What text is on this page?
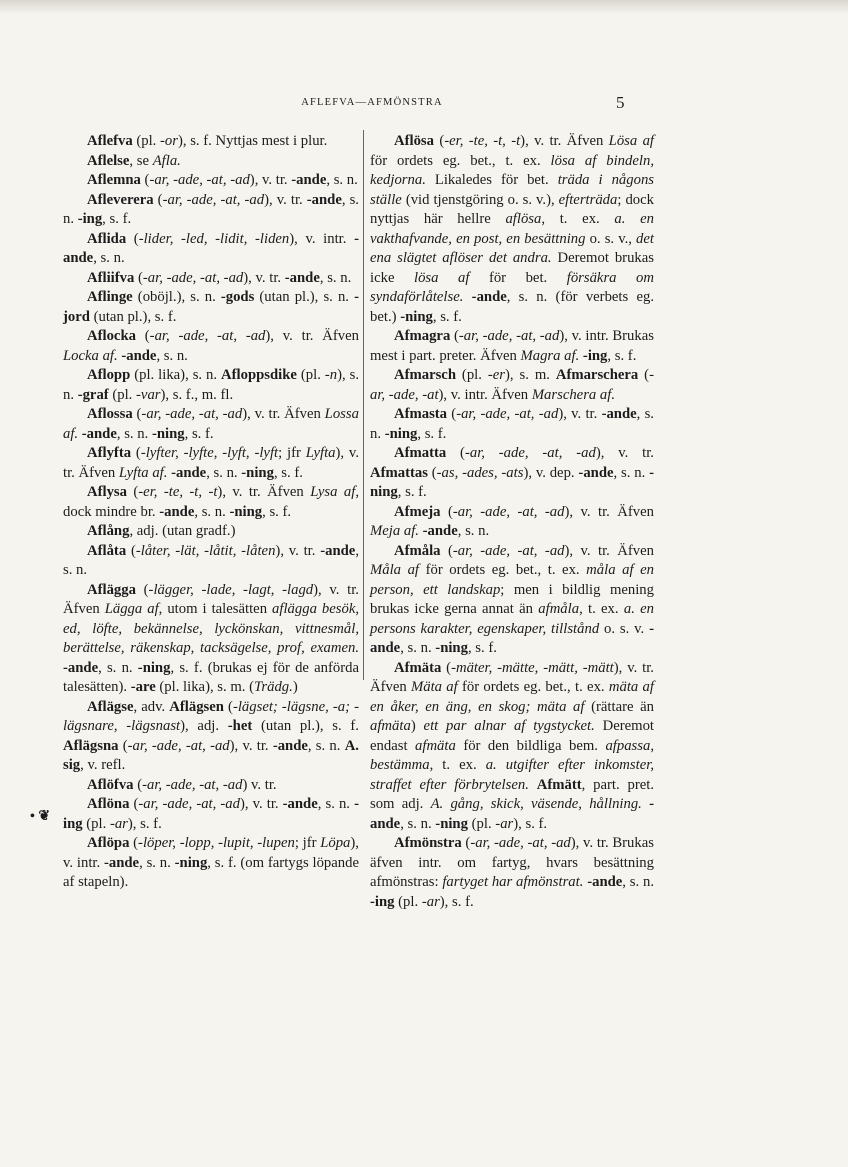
AFLEFVA—AFMÖNSTRA	5
• ❦
Aflefva (pl. -or), s. f. Nyttjas mest i plur.
Aflelse, se Afla.
Aflemna (-ar, -ade, -at, -ad), v. tr. -ande, s. n.
Afleverera (-ar, -ade, -at, -ad), v. tr. -ande, s. n. -ing, s. f.
Aflida (-lider, -led, -lidit, -liden), v. intr. -ande, s. n.
Afliifva (-ar, -ade, -at, -ad), v. tr. -ande, s. n.
Aflinge (oböjl.), s. n. -gods (utan pl.), s. n. -jord (utan pl.), s. f.
Aflocka (-ar, -ade, -at, -ad), v. tr. Äfven Locka af. -ande, s. n.
Aflopp (pl. lika), s. n. Afloppsdike (pl. -n), s. n. -graf (pl. -var), s. f., m. fl.
Aflossa (-ar, -ade, -at, -ad), v. tr. Äfven Lossa af. -ande, s. n. -ning, s. f.
Aflyfta (-lyfter, -lyfte, -lyft, -lyft; jfr Lyfta), v. tr. Äfven Lyfta af. -ande, s. n. -ning, s. f.
Aflysa (-er, -te, -t, -t), v. tr. Äfven Lysa af, dock mindre br. -ande, s. n. -ning, s. f.
Aflång, adj. (utan gradf.)
Aflåta (-låter, -lät, -låtit, -låten), v. tr. -ande, s. n.
Aflägga (-lägger, -lade, -lagt, -lagd), v. tr. Äfven Lägga af, utom i talesätten aflägga besök, ed, löfte, bekännelse, lyckönskan, vittnesmål, berättelse, räkenskap, tacksägelse, prof, examen. -ande, s. n. -ning, s. f. (brukas ej för de anförda talesätten). -are (pl. lika), s. m. (Trädg.)
Aflägse, adv. Aflägsen (-lägset; -lägsne, -a; -lägsnare, -lägsnast), adj. -het (utan pl.), s. f. Aflägsna (-ar, -ade, -at, -ad), v. tr. -ande, s. n. A. sig, v. refl.
Aflöfva (-ar, -ade, -at, -ad) v. tr.
Aflöna (-ar, -ade, -at, -ad), v. tr. -ande, s. n. -ing (pl. -ar), s. f.
Aflöpa (-löper, -lopp, -lupit, -lupen; jfr Löpa), v. intr. -ande, s. n. -ning, s. f. (om fartygs löpande af stapeln).
Aflösa (-er, -te, -t, -t), v. tr. Äfven Lösa af för ordets eg. bet., t. ex. lösa af bindeln, kedjorna. Likaledes för bet. träda i någons ställe (vid tjenstgöring o. s. v.), efterträda; dock nyttjas här hellre aflösa, t. ex. a. en vakthafvande, en post, en besättning o. s. v., det ena slägtet aflöser det andra. Deremot brukas icke lösa af för bet. försäkra om syndaförlåtelse. -ande, s. n. (för verbets eg. bet.) -ning, s. f.
Afmagra (-ar, -ade, -at, -ad), v. intr. Brukas mest i part. preter. Äfven Magra af. -ing, s. f.
Afmarsch (pl. -er), s. m. Afmarschera (-ar, -ade, -at), v. intr. Äfven Marschera af.
Afmasta (-ar, -ade, -at, -ad), v. tr. -ande, s. n. -ning, s. f.
Afmatta (-ar, -ade, -at, -ad), v. tr. Afmattas (-as, -ades, -ats), v. dep. -ande, s. n. -ning, s. f.
Afmeja (-ar, -ade, -at, -ad), v. tr. Äfven Meja af. -ande, s. n.
Afmåla (-ar, -ade, -at, -ad), v. tr. Äfven Måla af för ordets eg. bet., t. ex. måla af en person, ett landskap; men i bildlig mening brukas icke gerna annat än afmåla, t. ex. a. en persons karakter, egenskaper, tillstånd o. s. v. -ande, s. n. -ning, s. f.
Afmäta (-mäter, -mätte, -mätt, -mätt), v. tr. Äfven Mäta af för ordets eg. bet., t. ex. mäta af en åker, en äng, en skog; mäta af (rättare än afmäta) ett par alnar af tygstycket. Deremot endast afmäta för den bildliga bem. afpassa, bestämma, t. ex. a. utgifter efter inkomster, straffet efter förbrytelsen. Afmätt, part. pret. som adj. A. gång, skick, väsende, hållning. -ande, s. n. -ning (pl. -ar), s. f.
Afmönstra (-ar, -ade, -at, -ad), v. tr. Brukas äfven intr. om fartyg, hvars besättning afmönstras: fartyget har afmönstrat. -ande, s. n. -ing (pl. -ar), s. f.
